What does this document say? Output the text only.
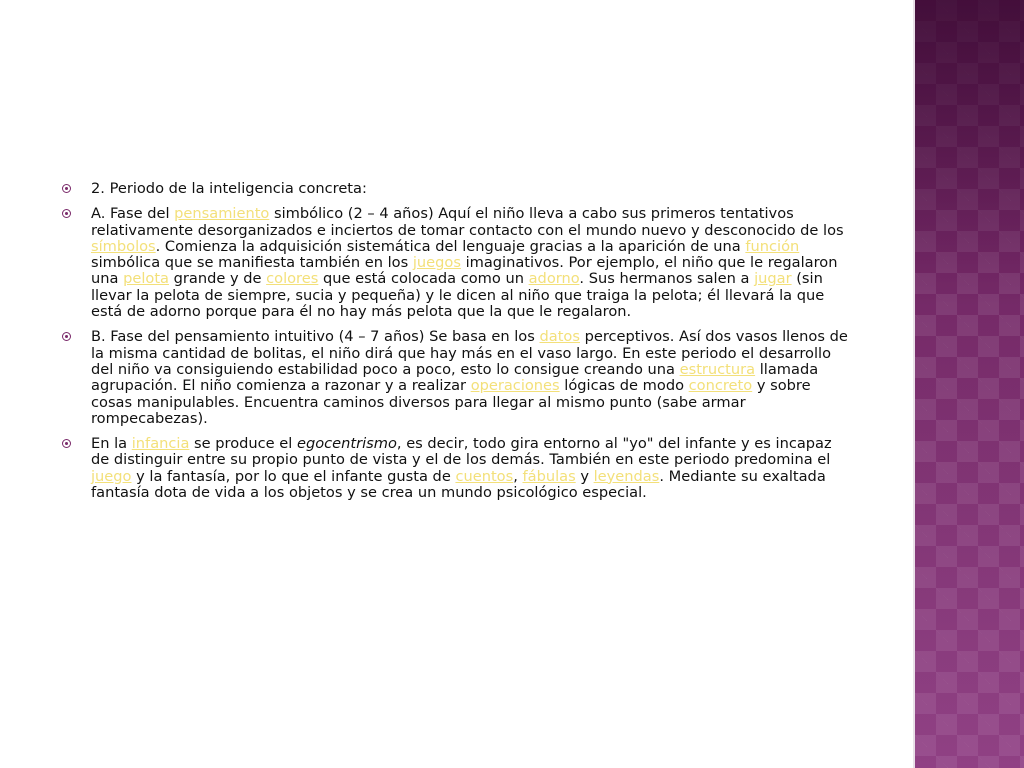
2. Periodo de la inteligencia concreta:
A. Fase del pensamiento simbólico (2 – 4 años) Aquí el niño lleva a cabo sus primeros tentativos relativamente desorganizados e inciertos de tomar contacto con el mundo nuevo y desconocido de los símbolos. Comienza la adquisición sistemática del lenguaje gracias a la aparición de una función simbólica que se manifiesta también en los juegos imaginativos. Por ejemplo, el niño que le regalaron una pelota grande y de colores que está colocada como un adorno. Sus hermanos salen a jugar (sin llevar la pelota de siempre, sucia y pequeña) y le dicen al niño que traiga la pelota; él llevará la que está de adorno porque para él no hay más pelota que la que le regalaron.
B. Fase del pensamiento intuitivo (4 – 7 años) Se basa en los datos perceptivos. Así dos vasos llenos de la misma cantidad de bolitas, el niño dirá que hay más en el vaso largo. En este periodo el desarrollo del niño va consiguiendo estabilidad poco a poco, esto lo consigue creando una estructura llamada agrupación. El niño comienza a razonar y a realizar operaciones lógicas de modo concreto y sobre cosas manipulables. Encuentra caminos diversos para llegar al mismo punto (sabe armar rompecabezas).
En la infancia se produce el egocentrismo, es decir, todo gira entorno al "yo" del infante y es incapaz de distinguir entre su propio punto de vista y el de los demás. También en este periodo predomina el juego y la fantasía, por lo que el infante gusta de cuentos, fábulas y leyendas. Mediante su exaltada fantasía dota de vida a los objetos y se crea un mundo psicológico especial.
